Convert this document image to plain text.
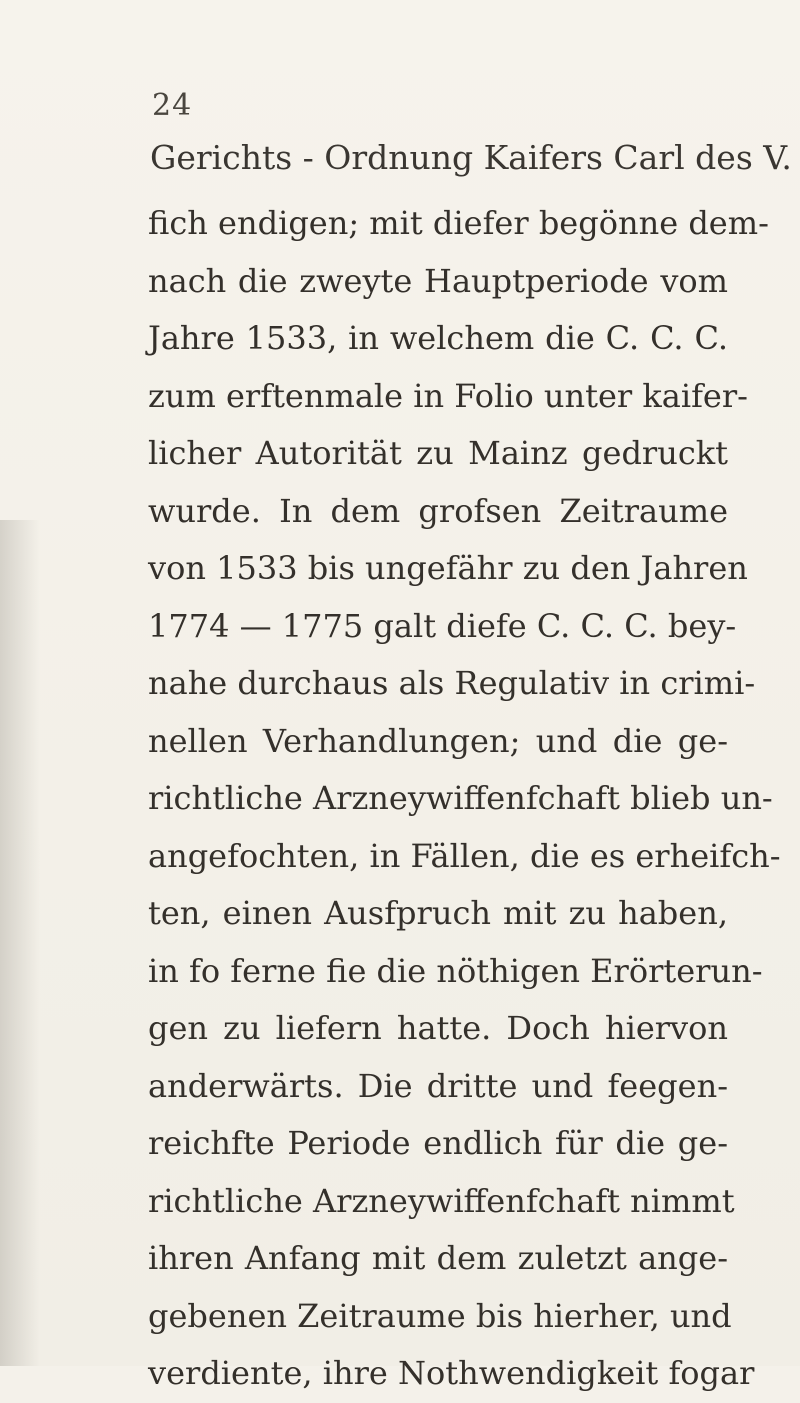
24
Gerichts - Ordnung Kaifers Carl des V.
fich endigen; mit diefer begönne dem-
nach die zweyte Hauptperiode vom
Jahre 1533, in welchem die C. C. C.
zum erftenmale in Folio unter kaifer-
licher Autorität zu Mainz gedruckt
wurde. In dem grofsen Zeitraume
von 1533 bis ungefähr zu den Jahren
1774 — 1775 galt diefe C. C. C. bey-
nahe durchaus als Regulativ in crimi-
nellen Verhandlungen; und die ge-
richtliche Arzneywiffenfchaft blieb un-
angefochten, in Fällen, die es erheifch-
ten, einen Ausfpruch mit zu haben,
in fo ferne fie die nöthigen Erörterun-
gen zu liefern hatte. Doch hiervon
anderwärts. Die dritte und feegen-
reichfte Periode endlich für die ge-
richtliche Arzneywiffenfchaft nimmt
ihren Anfang mit dem zuletzt ange-
gebenen Zeitraume bis hierher, und
verdiente, ihre Nothwendigkeit fogar
